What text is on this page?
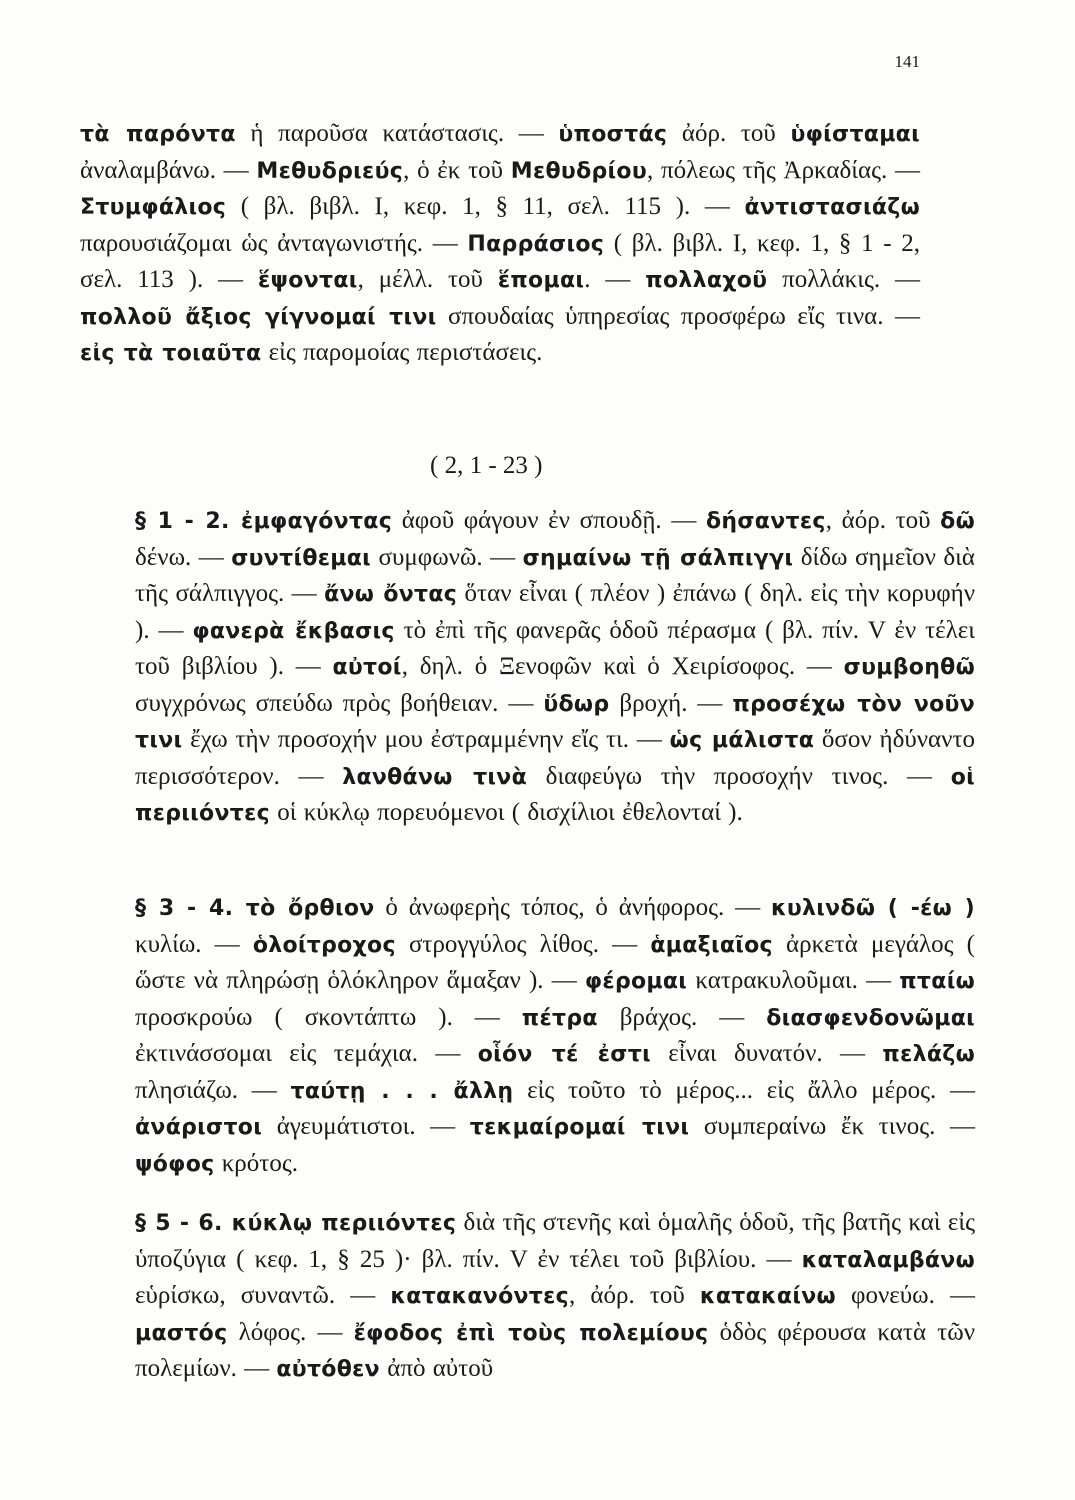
141

τὰ παρόντα ἡ παροῦσα κατάστασις. — ὑποστάς ἀόρ. τοῦ ὑφίσταμαι ἀναλαμβάνω. — Μεθυδριεύς, ὁ ἐκ τοῦ Μεθυδρίου, πόλεως τῆς Ἀρκαδίας. — Στυμφάλιος ( βλ. βιβλ. Ι, κεφ. 1, § 11, σελ. 115 ). — ἀντιστασιάζω παρουσιάζομαι ὡς ἀνταγωνιστής. — Παρράσιος ( βλ. βιβλ. Ι, κεφ. 1, § 1 - 2, σελ. 113 ). — ἕψονται, μέλλ. τοῦ ἕπομαι. — πολλαχοῦ πολλάκις. — πολλοῦ ἄξιος γίγνομαί τινι σπουδαίας ὑπηρεσίας προσφέρω εἴς τινα. — εἰς τὰ τοιαῦτα εἰς παρομοίας περιστάσεις.

( 2, 1 - 23 )

§ 1 - 2. ἐμφαγόντας ἀφοῦ φάγουν ἐν σπουδῇ. — δήσαντες, ἀόρ. τοῦ δῶ δένω. — συντίθεμαι συμφωνῶ. — σημαίνω τῇ σάλπιγγι δίδω σημεῖον διὰ τῆς σάλπιγγος. — ἄνω ὄντας ὅταν εἶναι ( πλέον ) ἐπάνω ( δηλ. εἰς τὴν κορυφήν ). — φανερὰ ἔκβασις τὸ ἐπὶ τῆς φανερᾶς ὁδοῦ πέρασμα ( βλ. πίν. V ἐν τέλει τοῦ βιβλίου ). — αὐτοί, δηλ. ὁ Ξενοφῶν καὶ ὁ Χειρίσοφος. — συμβοηθῶ συγχρόνως σπεύδω πρὸς βοήθειαν. — ὕδωρ βροχή. — προσέχω τὸν νοῦν τινι ἔχω τὴν προσοχήν μου ἐστραμμένην εἴς τι. — ὡς μάλιστα ὅσον ἠδύναντο περισσότερον. — λανθάνω τινὰ διαφεύγω τὴν προσοχήν τινος. — οἱ περιιόντες οἱ κύκλῳ πορευόμενοι ( δισχίλιοι ἐθελονταί ).

§ 3 - 4. τὸ ὄρθιον ὁ ἀνωφερὴς τόπος, ὁ ἀνήφορος. — κυλινδῶ ( -έω ) κυλίω. — ὁλοίτροχος στρογγύλος λίθος. — ἁμαξιαῖος ἀρκετὰ μεγάλος ( ὥστε νὰ πληρώσῃ ὁλόκληρον ἅμαξαν ). — φέρομαι κατρακυλοῦμαι. — πταίω προσκρούω ( σκοντάπτω ). — πέτρα βράχος. — διασφενδονῶμαι ἐκτινάσσομαι εἰς τεμάχια. — οἷόν τέ ἐστι εἶναι δυνατόν. — πελάζω πλησιάζω. — ταύτῃ . . . ἄλλῃ εἰς τοῦτο τὸ μέρος... εἰς ἄλλο μέρος. — ἀνάριστοι ἀγευμάτιστοι. — τεκμαίρομαί τινι συμπεραίνω ἔκ τινος. — ψόφος κρότος.

§ 5 - 6. κύκλῳ περιιόντες διὰ τῆς στενῆς καὶ ὁμαλῆς ὁδοῦ, τῆς βατῆς καὶ εἰς ὑποζύγια ( κεφ. 1, § 25 )· βλ. πίν. V ἐν τέλει τοῦ βιβλίου. — καταλαμβάνω εὑρίσκω, συναντῶ. — κατακανόντες, ἀόρ. τοῦ κατακαίνω φονεύω. — μαστός λόφος. — ἔφοδος ἐπὶ τοὺς πολεμίους ὁδὸς φέρουσα κατὰ τῶν πολεμίων. — αὐτόθεν ἀπὸ αὐτοῦ
